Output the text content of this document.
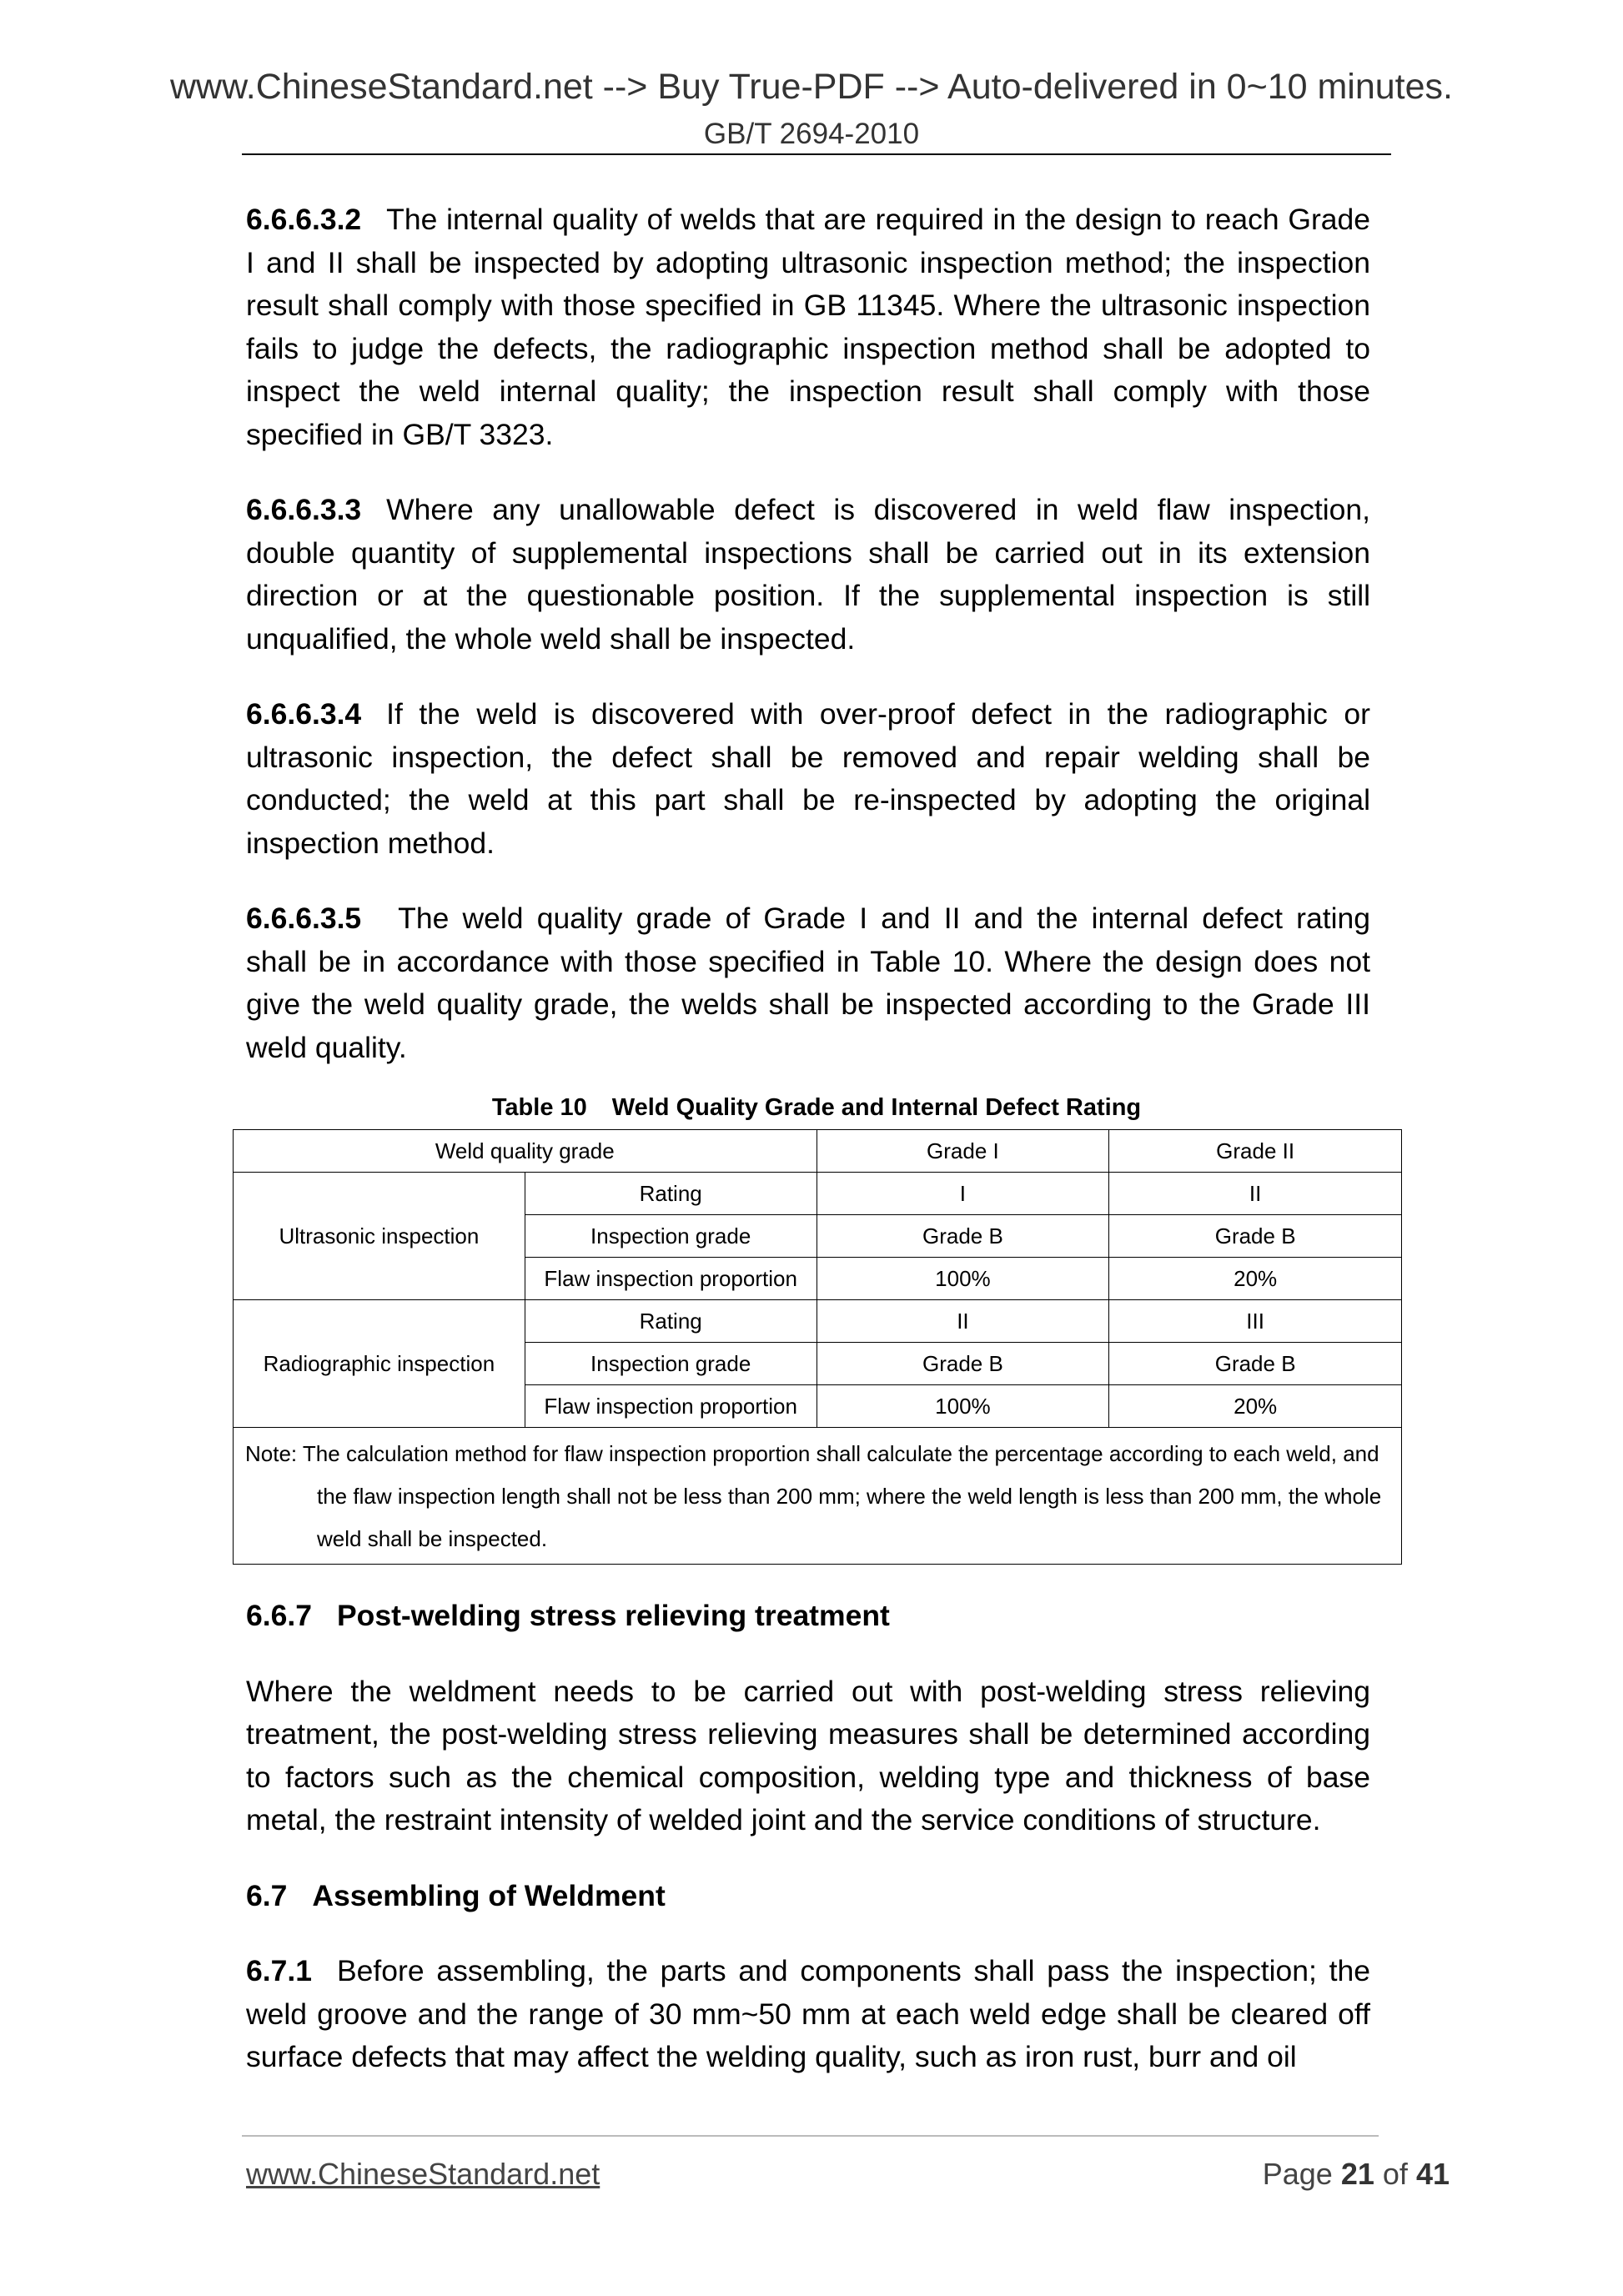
www.ChineseStandard.net --> Buy True-PDF --> Auto-delivered in 0~10 minutes.
GB/T 2694-2010

6.6.6.3.2 The internal quality of welds that are required in the design to reach Grade I and II shall be inspected by adopting ultrasonic inspection method; the inspection result shall comply with those specified in GB 11345. Where the ultrasonic inspection fails to judge the defects, the radiographic inspection method shall be adopted to inspect the weld internal quality; the inspection result shall comply with those specified in GB/T 3323.

6.6.6.3.3 Where any unallowable defect is discovered in weld flaw inspection, double quantity of supplemental inspections shall be carried out in its extension direction or at the questionable position. If the supplemental inspection is still unqualified, the whole weld shall be inspected.

6.6.6.3.4 If the weld is discovered with over-proof defect in the radiographic or ultrasonic inspection, the defect shall be removed and repair welding shall be conducted; the weld at this part shall be re-inspected by adopting the original inspection method.

6.6.6.3.5 The weld quality grade of Grade I and II and the internal defect rating shall be in accordance with those specified in Table 10. Where the design does not give the weld quality grade, the welds shall be inspected according to the Grade III weld quality.

Table 10 Weld Quality Grade and Internal Defect Rating
Weld quality grade		Grade I	Grade II
Ultrasonic inspection	Rating	I	II
	Inspection grade	Grade B	Grade B
	Flaw inspection proportion	100%	20%
Radiographic inspection	Rating	II	III
	Inspection grade	Grade B	Grade B
	Flaw inspection proportion	100%	20%
Note: The calculation method for flaw inspection proportion shall calculate the percentage according to each weld, and
the flaw inspection length shall not be less than 200 mm; where the weld length is less than 200 mm, the whole weld shall be inspected.			
6.6.7 Post-welding stress relieving treatment

Where the weldment needs to be carried out with post-welding stress relieving treatment, the post-welding stress relieving measures shall be determined according to factors such as the chemical composition, welding type and thickness of base metal, the restraint intensity of welded joint and the service conditions of structure.

6.7 Assembling of Weldment

6.7.1 Before assembling, the parts and components shall pass the inspection; the weld groove and the range of 30 mm~50 mm at each weld edge shall be cleared off surface defects that may affect the welding quality, such as iron rust, burr and oil

www.ChineseStandard.net	Page 21 of 41
